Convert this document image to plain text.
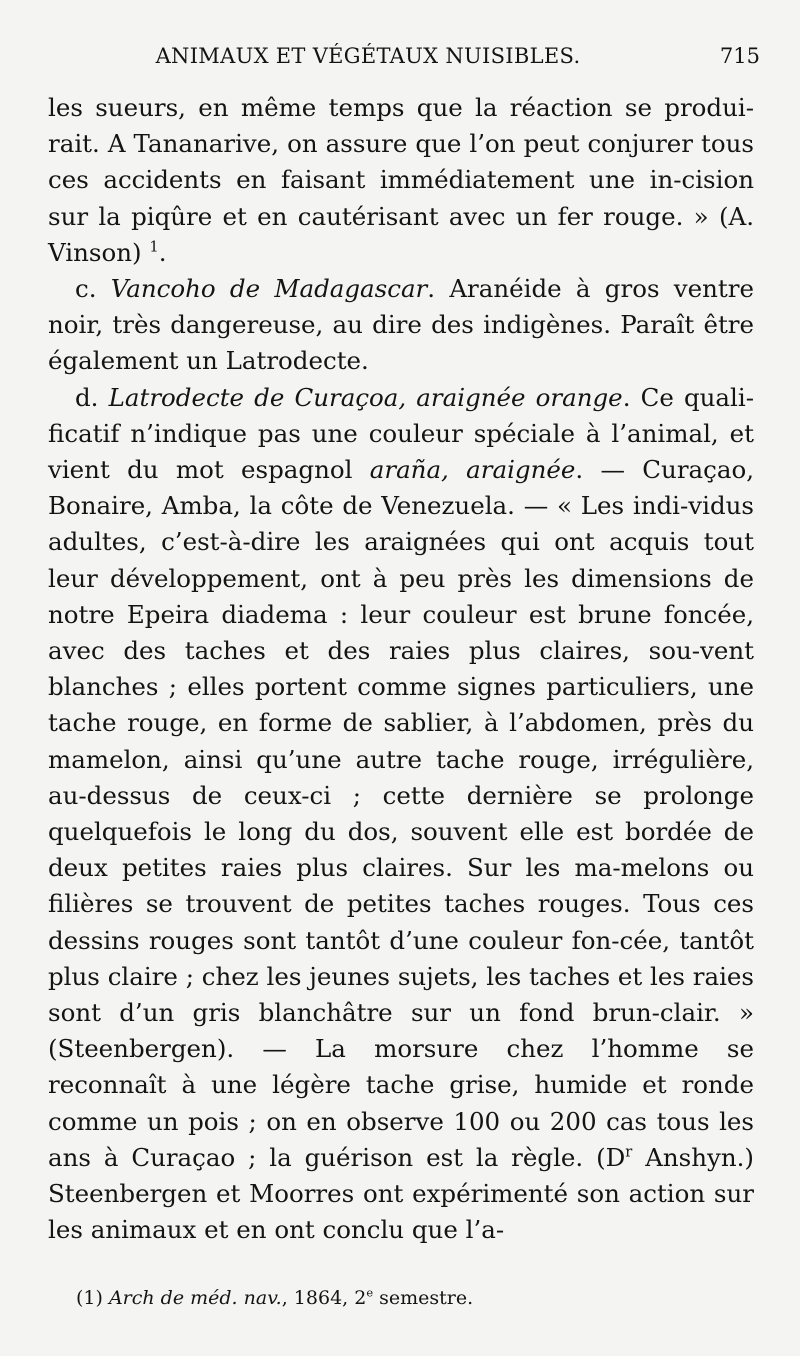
ANIMAUX ET VÉGÉTAUX NUISIBLES.	715

les sueurs, en même temps que la réaction se produi-rait. A Tananarive, on assure que l’on peut conjurer tous ces accidents en faisant immédiatement une in-cision sur la piqûre et en cautérisant avec un fer rouge. » (A. Vinson) $^1$.

c. Vancoho de Madagascar. Aranéide à gros ventre noir, très dangereuse, au dire des indigènes. Paraît être également un Latrodecte.

d. Latrodecte de Curaçoa, araignée orange. Ce quali-ficatif n’indique pas une couleur spéciale à l’animal, et vient du mot espagnol araña, araignée. — Curaçao, Bonaire, Amba, la côte de Venezuela. — « Les indi-vidus adultes, c’est-à-dire les araignées qui ont acquis tout leur développement, ont à peu près les dimensions de notre Epeira diadema : leur couleur est brune foncée, avec des taches et des raies plus claires, sou-vent blanches ; elles portent comme signes particuliers, une tache rouge, en forme de sablier, à l’abdomen, près du mamelon, ainsi qu’une autre tache rouge, irrégulière, au-dessus de ceux-ci ; cette dernière se prolonge quelquefois le long du dos, souvent elle est bordée de deux petites raies plus claires. Sur les ma-melons ou filières se trouvent de petites taches rouges. Tous ces dessins rouges sont tantôt d’une couleur fon-cée, tantôt plus claire ; chez les jeunes sujets, les taches et les raies sont d’un gris blanchâtre sur un fond brun-clair. » (Steenbergen). — La morsure chez l’homme se reconnaît à une légère tache grise, humide et ronde comme un pois ; on en observe 100 ou 200 cas tous les ans à Curaçao ; la guérison est la règle. ($D^r$ Anshyn.) Steenbergen et Moorres ont expérimenté son action sur les animaux et en ont conclu que l’a-

(1) Arch de méd. nav., 1864, 2e semestre.
